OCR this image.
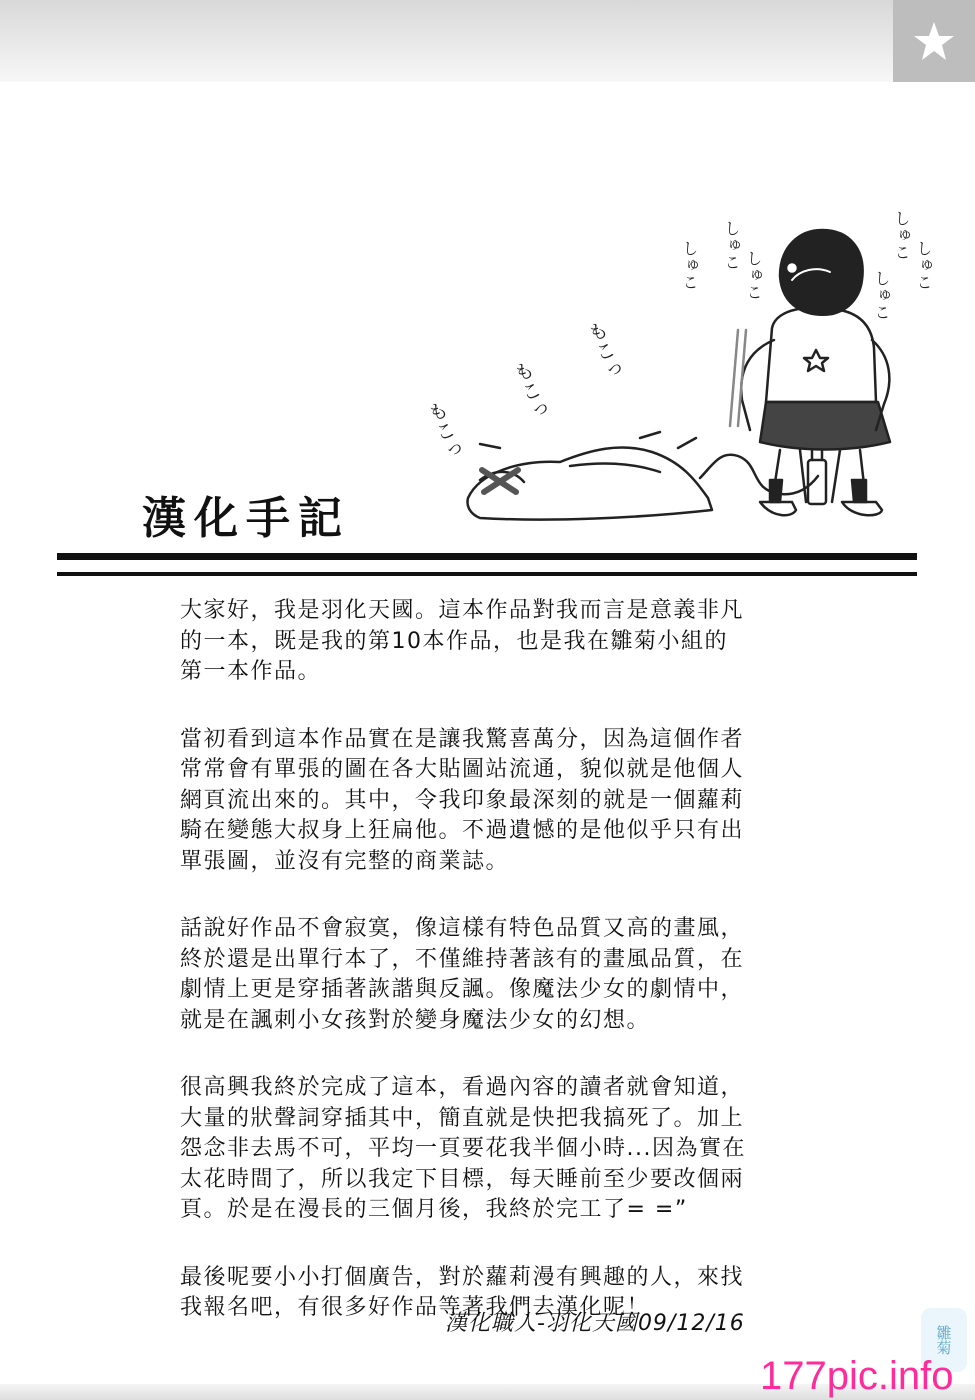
もこっ
もこっ
もこっ
しゅこ
しゅこ
しゅこ
しゅこ
しゅこ
しゅこ
漢化手記

大家好，我是羽化天國。這本作品對我而言是意義非凡的一本，既是我的第10本作品，也是我在雛菊小組的第一本作品。

當初看到這本作品實在是讓我驚喜萬分，因為這個作者常常會有單張的圖在各大貼圖站流通，貌似就是他個人網頁流出來的。其中，令我印象最深刻的就是一個蘿莉騎在變態大叔身上狂扁他。不過遺憾的是他似乎只有出單張圖，並沒有完整的商業誌。

話說好作品不會寂寞，像這樣有特色品質又高的畫風，終於還是出單行本了，不僅維持著該有的畫風品質，在劇情上更是穿插著詼諧與反諷。像魔法少女的劇情中，就是在諷刺小女孩對於變身魔法少女的幻想。

很高興我終於完成了這本，看過內容的讀者就會知道，大量的狀聲詞穿插其中，簡直就是快把我搞死了。加上怨念非去馬不可，平均一頁要花我半個小時...因為實在太花時間了，所以我定下目標，每天睡前至少要改個兩頁。於是在漫長的三個月後，我終於完工了= =”

最後呢要小小打個廣告，對於蘿莉漫有興趣的人，來找我報名吧，有很多好作品等著我們去漢化呢！

漢化職人-羽化天國09/12/16
雛菊
177pic.info
